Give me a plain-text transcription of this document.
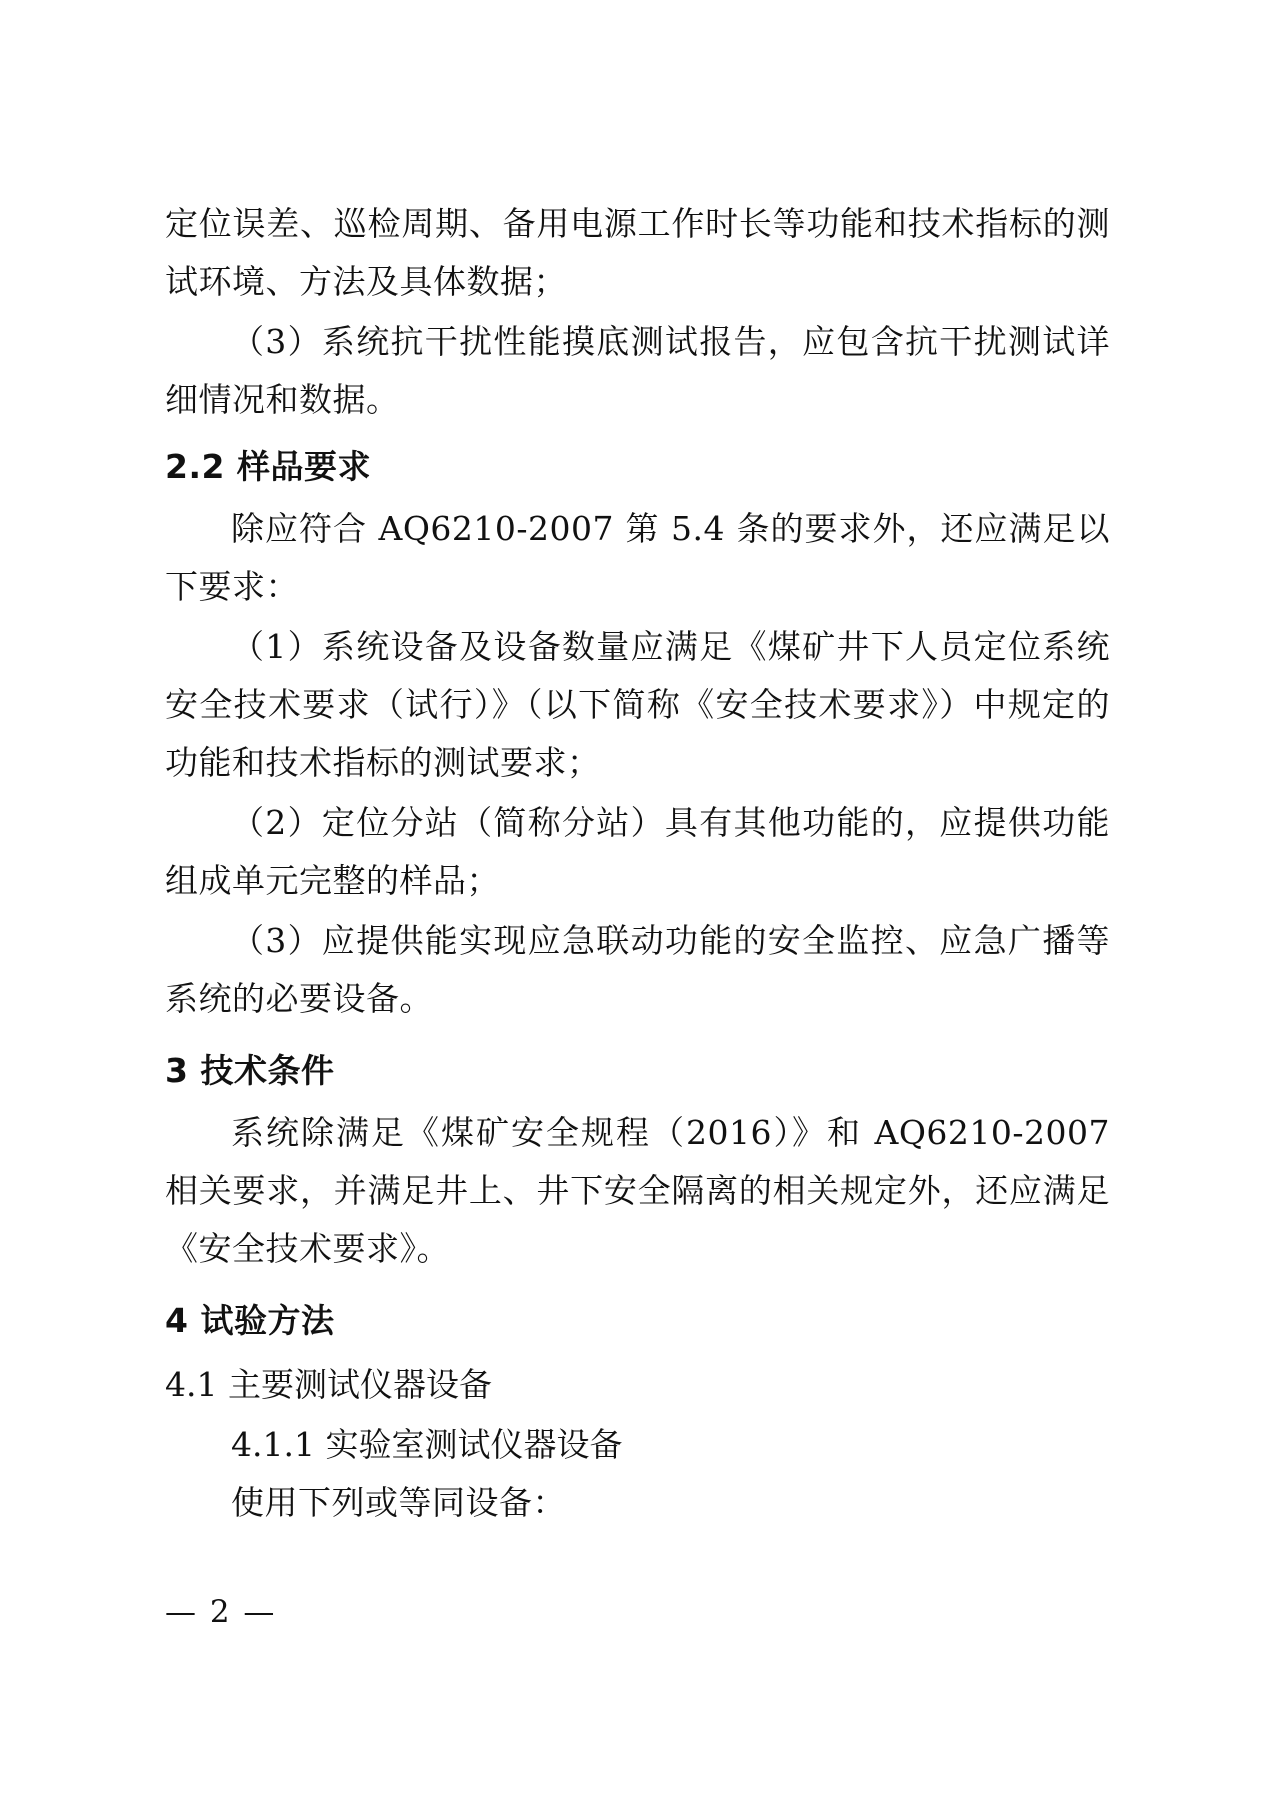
定位误差、巡检周期、备用电源工作时长等功能和技术指标的测试环境、方法及具体数据；

（3）系统抗干扰性能摸底测试报告，应包含抗干扰测试详细情况和数据。

2.2 样品要求

除应符合 AQ6210-2007 第 5.4 条的要求外，还应满足以下要求：

（1）系统设备及设备数量应满足《煤矿井下人员定位系统安全技术要求（试行）》（以下简称《安全技术要求》）中规定的功能和技术指标的测试要求；

（2）定位分站（简称分站）具有其他功能的，应提供功能组成单元完整的样品；

（3）应提供能实现应急联动功能的安全监控、应急广播等系统的必要设备。

3 技术条件

系统除满足《煤矿安全规程（2016）》和 AQ6210-2007 相关要求，并满足井上、井下安全隔离的相关规定外，还应满足《安全技术要求》。

4 试验方法

4.1 主要测试仪器设备

4.1.1 实验室测试仪器设备

使用下列或等同设备：

— 2 —
